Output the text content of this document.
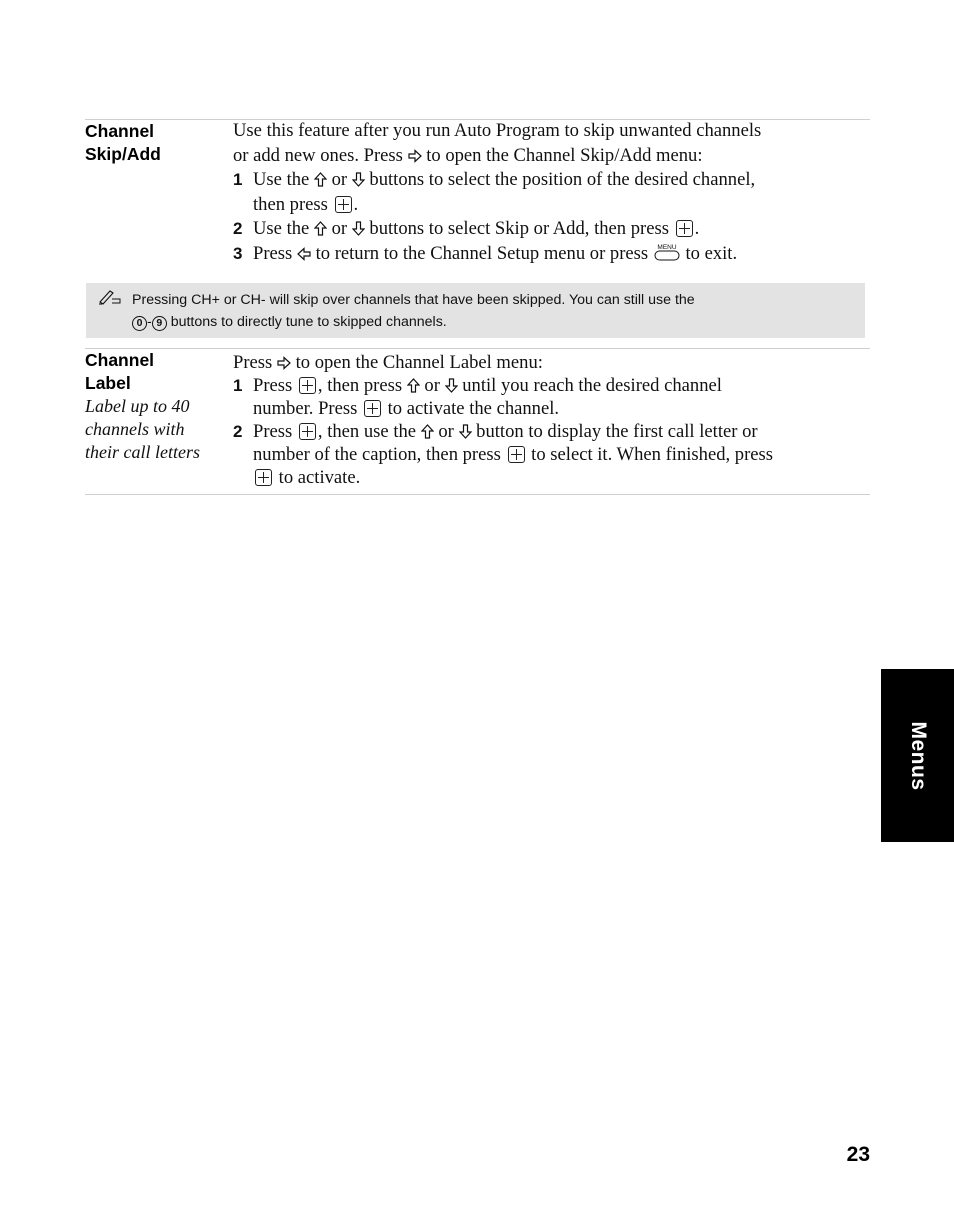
Channel
Skip/Add
Use this feature after you run Auto Program to skip unwanted channels
or add new ones. Press to open the Channel Skip/Add menu:
1 Use the or buttons to select the position of the desired channel,
then press .
2 Use the or buttons to select Skip or Add, then press .
3 Press to return to the Channel Setup menu or press MENU to exit.
Pressing CH+ or CH- will skip over channels that have been skipped. You can still use the
0 - 9 buttons to directly tune to skipped channels.
Channel
Label
Label up to 40
channels with
their call letters
Press to open the Channel Label menu:
1 Press , then press or until you reach the desired channel
number. Press to activate the channel.
2 Press , then use the or button to display the first call letter or
number of the caption, then press to select it. When finished, press
to activate.
Menus
23
